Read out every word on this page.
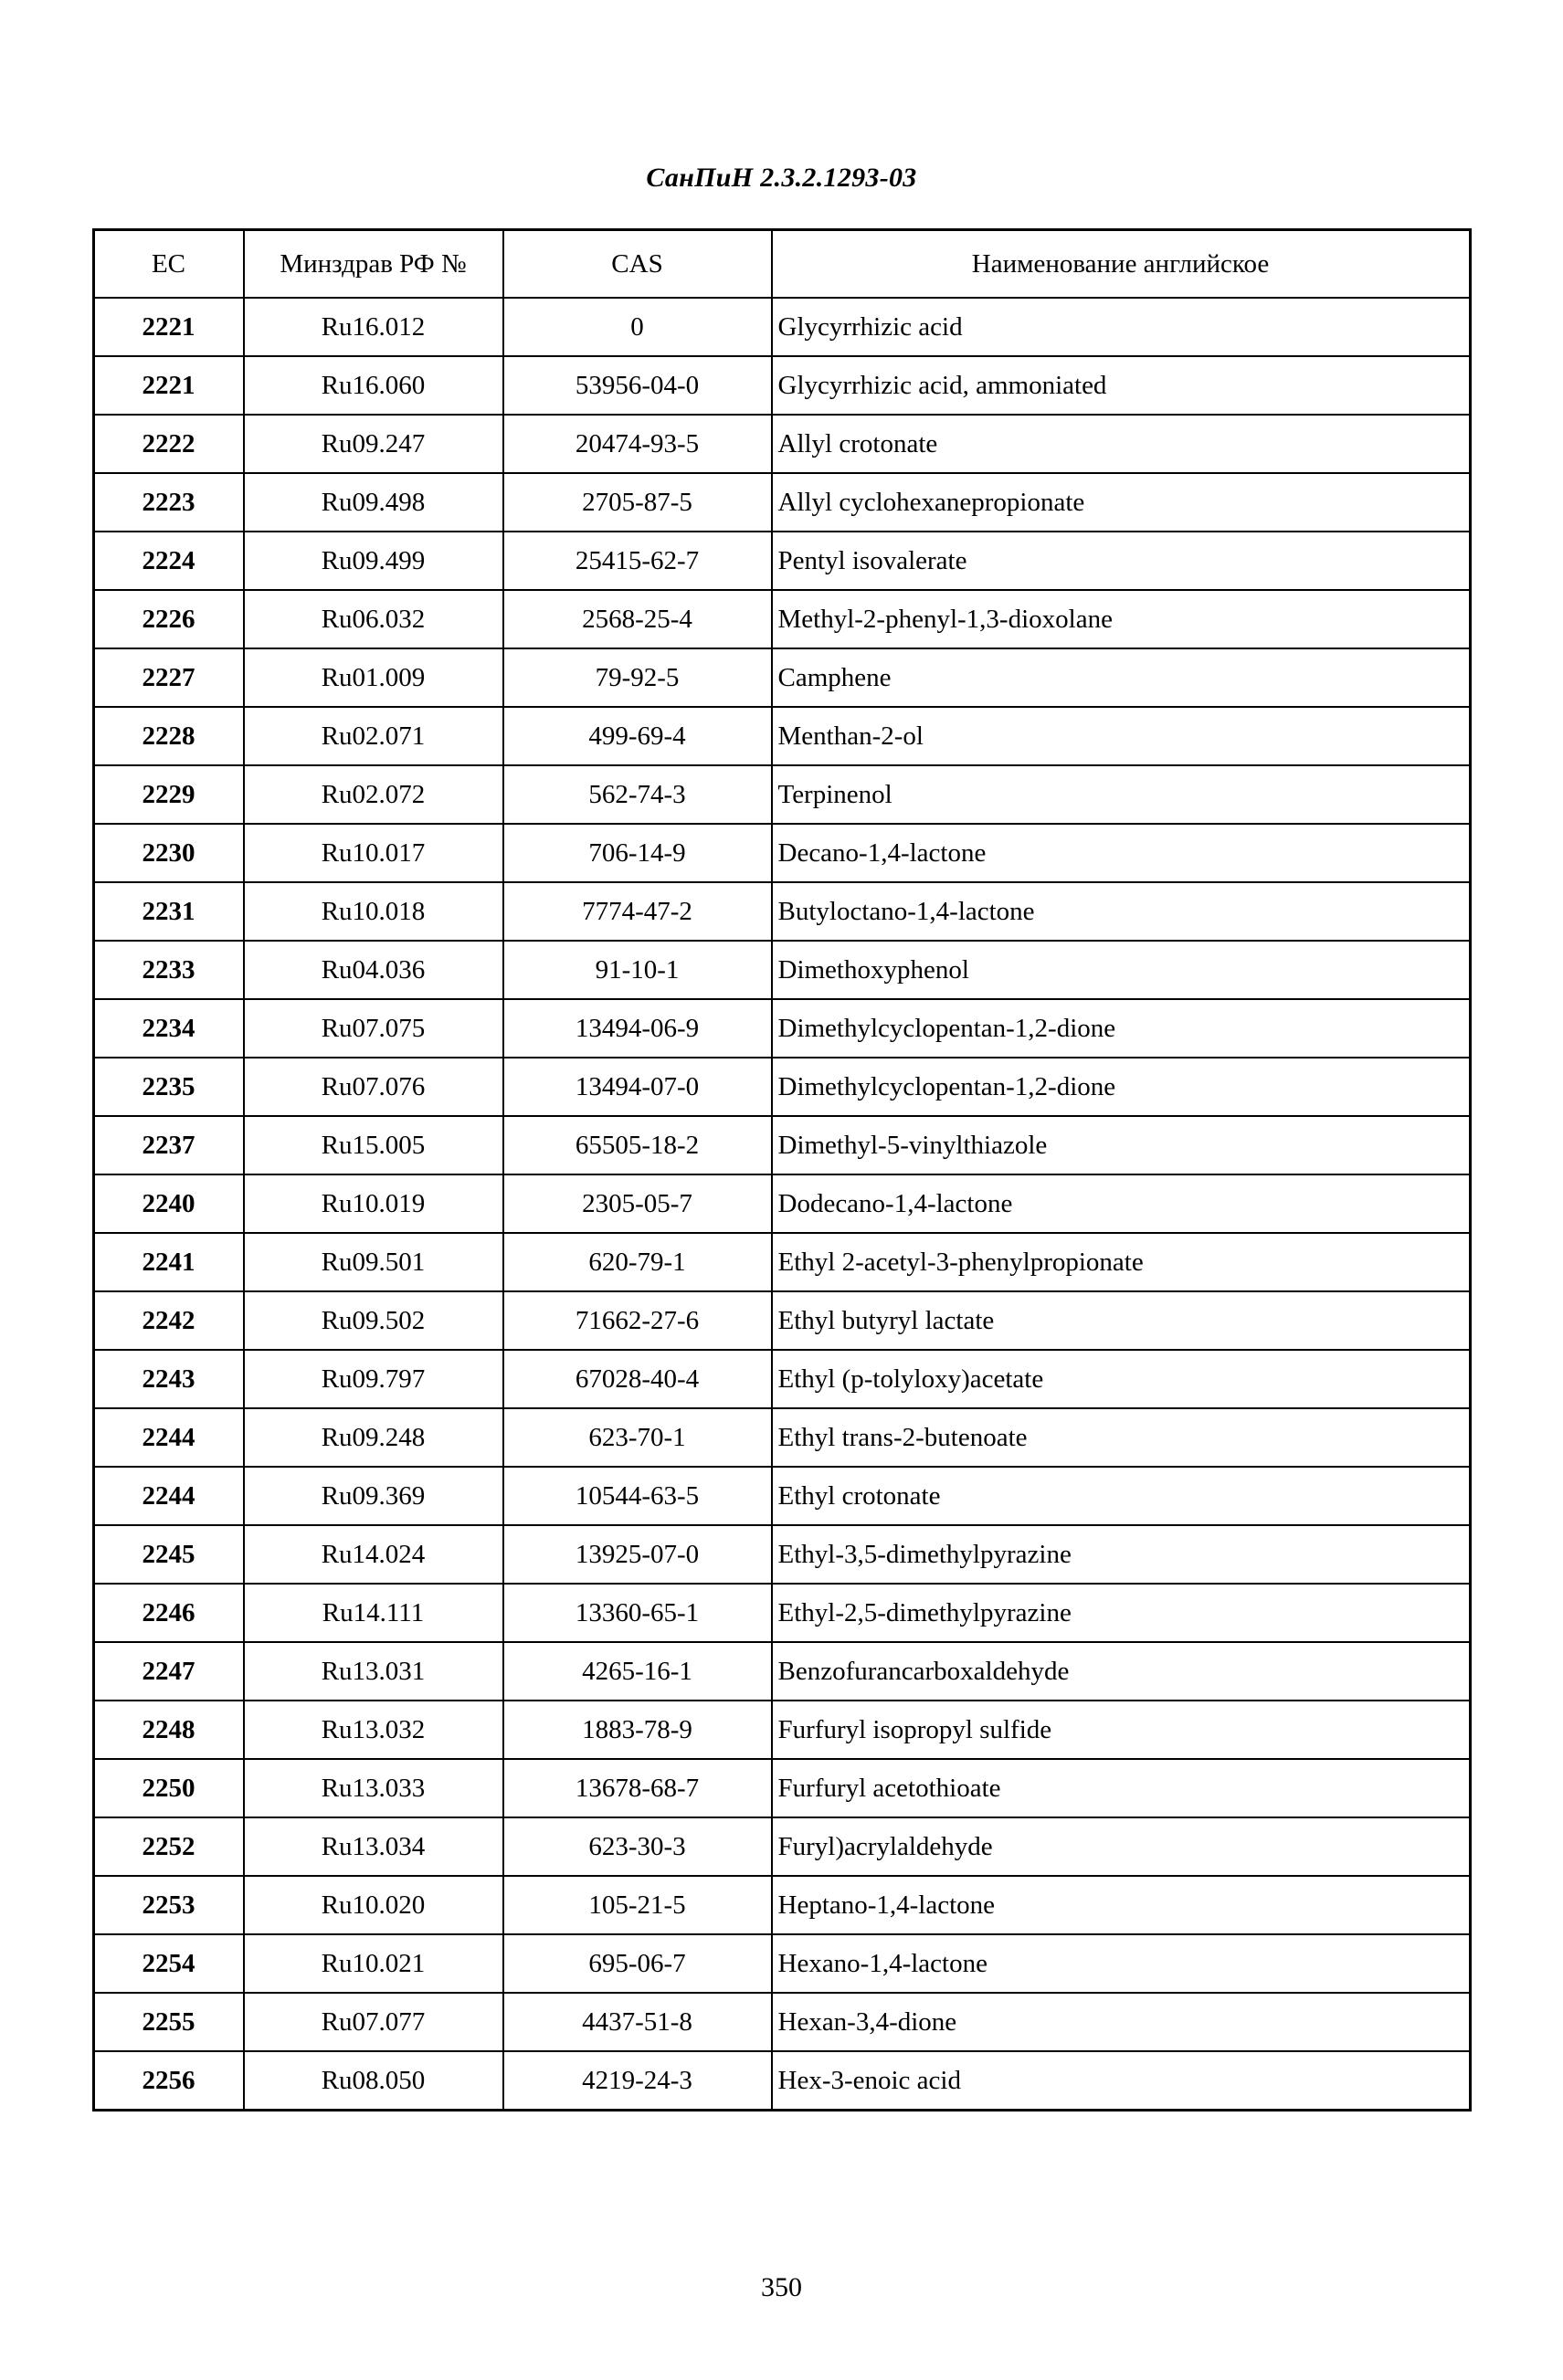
СанПиН 2.3.2.1293-03
EC	Минздрав РФ №	CAS	Наименование английское
2221	Ru16.012	0	Glycyrrhizic acid
2221	Ru16.060	53956-04-0	Glycyrrhizic acid, ammoniated
2222	Ru09.247	20474-93-5	Allyl crotonate
2223	Ru09.498	2705-87-5	Allyl cyclohexanepropionate
2224	Ru09.499	25415-62-7	Pentyl isovalerate
2226	Ru06.032	2568-25-4	Methyl-2-phenyl-1,3-dioxolane
2227	Ru01.009	79-92-5	Camphene
2228	Ru02.071	499-69-4	Menthan-2-ol
2229	Ru02.072	562-74-3	Terpinenol
2230	Ru10.017	706-14-9	Decano-1,4-lactone
2231	Ru10.018	7774-47-2	Butyloctano-1,4-lactone
2233	Ru04.036	91-10-1	Dimethoxyphenol
2234	Ru07.075	13494-06-9	Dimethylcyclopentan-1,2-dione
2235	Ru07.076	13494-07-0	Dimethylcyclopentan-1,2-dione
2237	Ru15.005	65505-18-2	Dimethyl-5-vinylthiazole
2240	Ru10.019	2305-05-7	Dodecano-1,4-lactone
2241	Ru09.501	620-79-1	Ethyl 2-acetyl-3-phenylpropionate
2242	Ru09.502	71662-27-6	Ethyl butyryl lactate
2243	Ru09.797	67028-40-4	Ethyl (p-tolyloxy)acetate
2244	Ru09.248	623-70-1	Ethyl trans-2-butenoate
2244	Ru09.369	10544-63-5	Ethyl crotonate
2245	Ru14.024	13925-07-0	Ethyl-3,5-dimethylpyrazine
2246	Ru14.111	13360-65-1	Ethyl-2,5-dimethylpyrazine
2247	Ru13.031	4265-16-1	Benzofurancarboxaldehyde
2248	Ru13.032	1883-78-9	Furfuryl isopropyl sulfide
2250	Ru13.033	13678-68-7	Furfuryl acetothioate
2252	Ru13.034	623-30-3	Furyl)acrylaldehyde
2253	Ru10.020	105-21-5	Heptano-1,4-lactone
2254	Ru10.021	695-06-7	Hexano-1,4-lactone
2255	Ru07.077	4437-51-8	Hexan-3,4-dione
2256	Ru08.050	4219-24-3	Hex-3-enoic acid
350
